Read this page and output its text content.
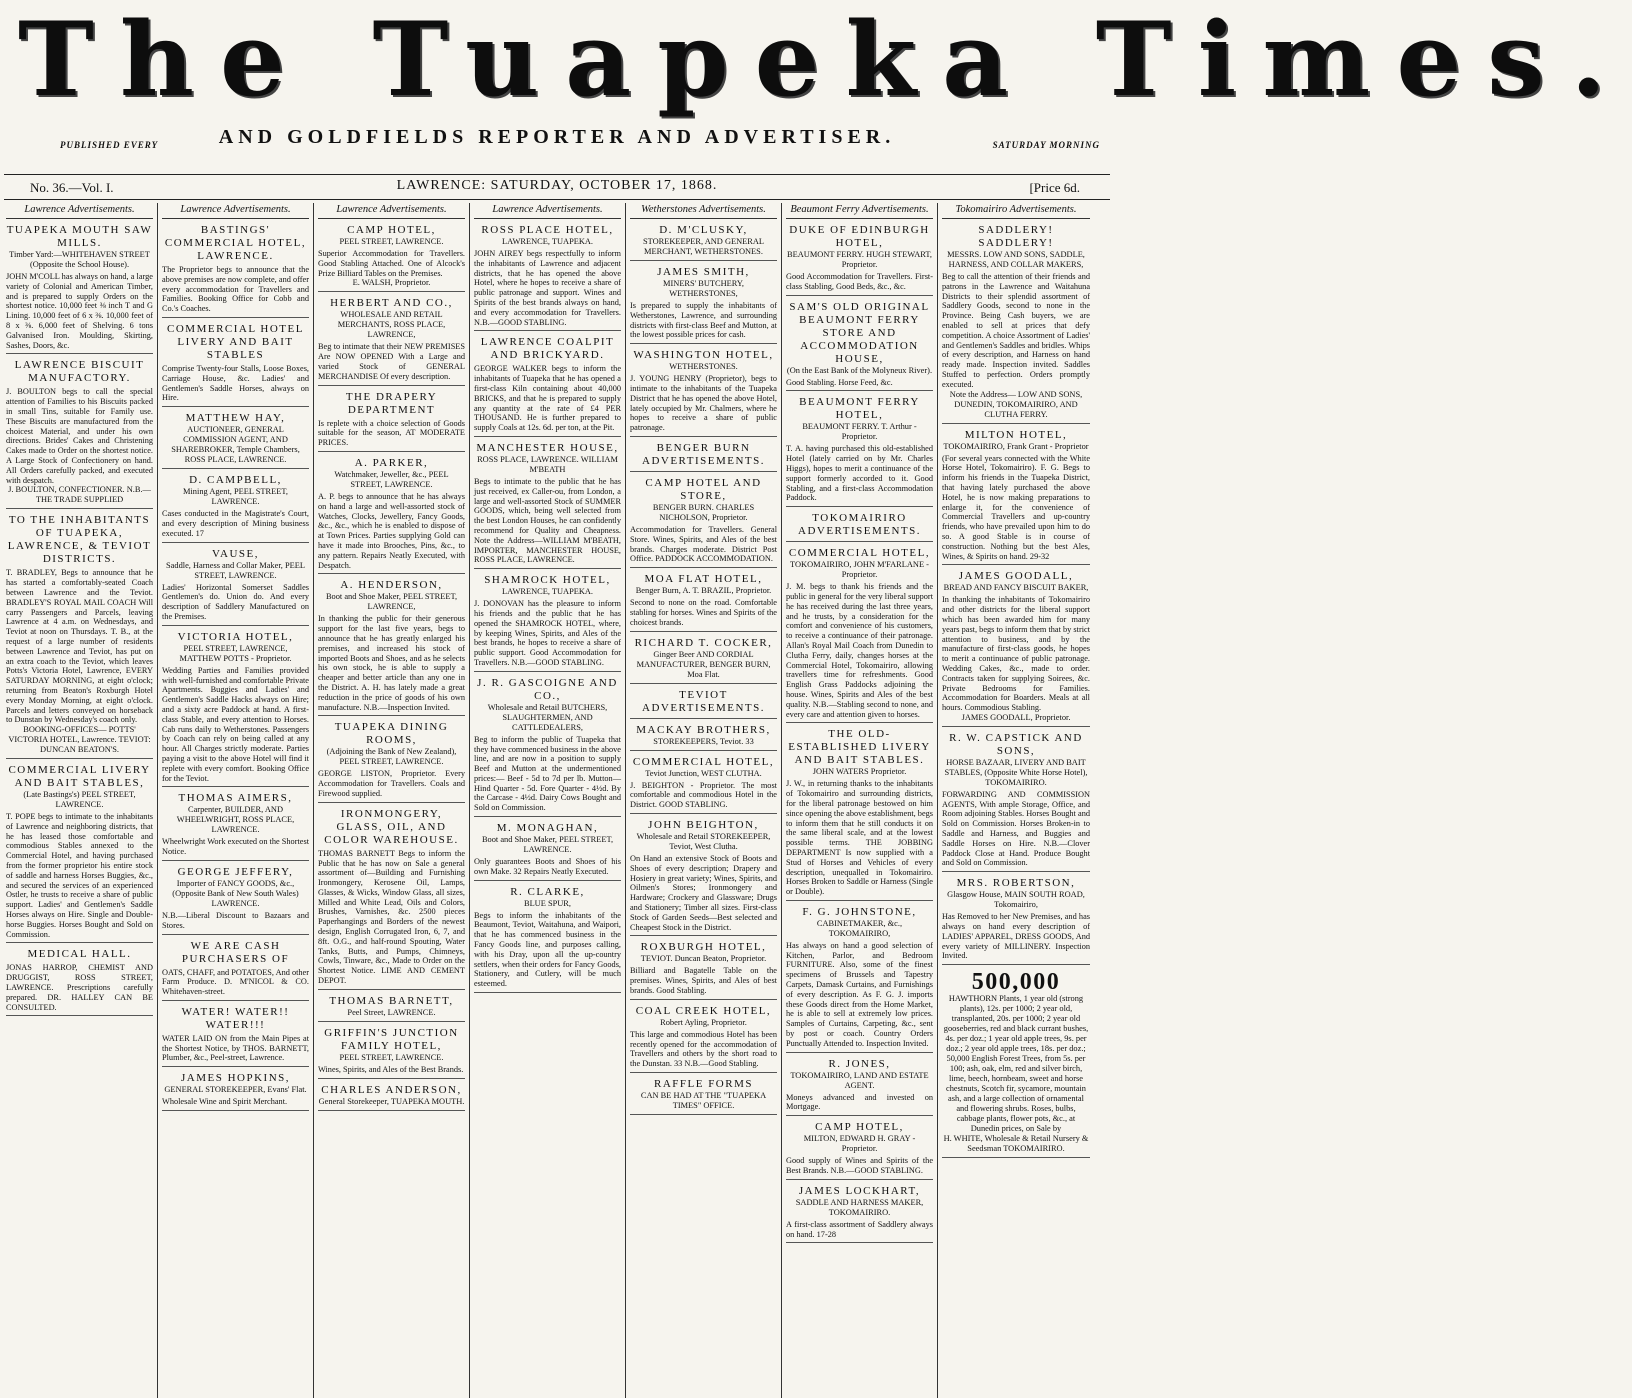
The Tuapeka Times.
PUBLISHED EVERY	AND GOLDFIELDS REPORTER AND ADVERTISER.	SATURDAY MORNING
No. 36.—Vol. I.	LAWRENCE: SATURDAY, OCTOBER 17, 1868.	[Price 6d.
Lawrence Advertisements.
TUAPEKA MOUTH SAW MILLS.
Timber Yard:—WHITEHAVEN STREET (Opposite the School House).
JOHN M'COLL has always on hand, a large variety of Colonial and American Timber, and is prepared to supply Orders on the shortest notice. 10,000 feet ⅜ inch T and G Lining. 10,000 feet of 6 x ⅜. 10,000 feet of 8 x ⅜. 6,000 feet of Shelving. 6 tons Galvanised Iron. Moulding, Skirting, Sashes, Doors, &c.
LAWRENCE BISCUIT MANUFACTORY.
J. BOULTON begs to call the special attention of Families to his Biscuits packed in small Tins, suitable for Family use. These Biscuits are manufactured from the choicest Material, and under his own directions. Brides' Cakes and Christening Cakes made to Order on the shortest notice. A Large Stock of Confectionery on hand. All Orders carefully packed, and executed with despatch.
J. BOULTON, CONFECTIONER. N.B.—THE TRADE SUPPLIED
TO THE INHABITANTS OF TUAPEKA, LAWRENCE, & TEVIOT DISTRICTS.
T. BRADLEY, Begs to announce that he has started a comfortably-seated Coach between Lawrence and the Teviot. BRADLEY'S ROYAL MAIL COACH Will carry Passengers and Parcels, leaving Lawrence at 4 a.m. on Wednesdays, and Teviot at noon on Thursdays. T. B., at the request of a large number of residents between Lawrence and Teviot, has put on an extra coach to the Teviot, which leaves Potts's Victoria Hotel, Lawrence, EVERY SATURDAY MORNING, at eight o'clock; returning from Beaton's Roxburgh Hotel every Monday Morning, at eight o'clock. Parcels and letters conveyed on horseback to Dunstan by Wednesday's coach only.
BOOKING-OFFICES— POTTS' VICTORIA HOTEL, Lawrence. TEVIOT: DUNCAN BEATON'S.
COMMERCIAL LIVERY AND BAIT STABLES,
(Late Bastings's) PEEL STREET, LAWRENCE.
T. POPE begs to intimate to the inhabitants of Lawrence and neighboring districts, that he has leased those comfortable and commodious Stables annexed to the Commercial Hotel, and having purchased from the former proprietor his entire stock of saddle and harness Horses Buggies, &c., and secured the services of an experienced Ostler, he trusts to receive a share of public support. Ladies' and Gentlemen's Saddle Horses always on Hire. Single and Double-horse Buggies. Horses Bought and Sold on Commission.
MEDICAL HALL.
JONAS HARROP, CHEMIST AND DRUGGIST, ROSS STREET, LAWRENCE. Prescriptions carefully prepared. DR. HALLEY CAN BE CONSULTED.
Lawrence Advertisements.
BASTINGS' COMMERCIAL HOTEL, LAWRENCE.
The Proprietor begs to announce that the above premises are now complete, and offer every accommodation for Travellers and Families. Booking Office for Cobb and Co.'s Coaches.
COMMERCIAL HOTEL LIVERY AND BAIT STABLES
Comprise Twenty-four Stalls, Loose Boxes, Carriage House, &c. Ladies' and Gentlemen's Saddle Horses, always on Hire.
MATTHEW HAY,
AUCTIONEER, GENERAL COMMISSION AGENT, AND SHAREBROKER, Temple Chambers, ROSS PLACE, LAWRENCE.
D. CAMPBELL,
Mining Agent, PEEL STREET, LAWRENCE.
Cases conducted in the Magistrate's Court, and every description of Mining business executed. 17
VAUSE,
Saddle, Harness and Collar Maker, PEEL STREET, LAWRENCE.
Ladies' Horizontal Somerset Saddles Gentlemen's do. Union do. And every description of Saddlery Manufactured on the Premises.
VICTORIA HOTEL,
PEEL STREET, LAWRENCE, MATTHEW POTTS - Proprietor.
Wedding Parties and Families provided with well-furnished and comfortable Private Apartments. Buggies and Ladies' and Gentlemen's Saddle Hacks always on Hire; and a sixty acre Paddock at hand. A first-class Stable, and every attention to Horses. Cab runs daily to Wetherstones. Passengers by Coach can rely on being called at any hour. All Charges strictly moderate. Parties paying a visit to the above Hotel will find it replete with every comfort. Booking Office for the Teviot.
THOMAS AIMERS,
Carpenter, BUILDER, AND WHEELWRIGHT, ROSS PLACE, LAWRENCE.
Wheelwright Work executed on the Shortest Notice.
GEORGE JEFFERY,
Importer of FANCY GOODS, &c., (Opposite Bank of New South Wales) LAWRENCE.
N.B.—Liberal Discount to Bazaars and Stores.
WE ARE CASH PURCHASERS OF
OATS, CHAFF, and POTATOES, And other Farm Produce. D. M'NICOL & CO. Whitehaven-street.
WATER! WATER!! WATER!!!
WATER LAID ON from the Main Pipes at the Shortest Notice, by THOS. BARNETT, Plumber, &c., Peel-street, Lawrence.
JAMES HOPKINS,
GENERAL STOREKEEPER, Evans' Flat.
Wholesale Wine and Spirit Merchant.
Lawrence Advertisements.
CAMP HOTEL,
PEEL STREET, LAWRENCE.
Superior Accommodation for Travellers. Good Stabling Attached. One of Alcock's Prize Billiard Tables on the Premises.
E. WALSH, Proprietor.
HERBERT AND CO.,
WHOLESALE AND RETAIL MERCHANTS, ROSS PLACE, LAWRENCE,
Beg to intimate that their NEW PREMISES Are NOW OPENED With a Large and varied Stock of GENERAL MERCHANDISE Of every description.
THE DRAPERY DEPARTMENT
Is replete with a choice selection of Goods suitable for the season, AT MODERATE PRICES.
A. PARKER,
Watchmaker, Jeweller, &c., PEEL STREET, LAWRENCE.
A. P. begs to announce that he has always on hand a large and well-assorted stock of Watches, Clocks, Jewellery, Fancy Goods, &c., &c., which he is enabled to dispose of at Town Prices. Parties supplying Gold can have it made into Brooches, Pins, &c., to any pattern. Repairs Neatly Executed, with Despatch.
A. HENDERSON,
Boot and Shoe Maker, PEEL STREET, LAWRENCE,
In thanking the public for their generous support for the last five years, begs to announce that he has greatly enlarged his premises, and increased his stock of imported Boots and Shoes, and as he selects his own stock, he is able to supply a cheaper and better article than any one in the District. A. H. has lately made a great reduction in the price of goods of his own manufacture. N.B.—Inspection Invited.
TUAPEKA DINING ROOMS,
(Adjoining the Bank of New Zealand), PEEL STREET, LAWRENCE.
GEORGE LISTON, Proprietor. Every Accommodation for Travellers. Coals and Firewood supplied.
IRONMONGERY, GLASS, OIL, AND COLOR WAREHOUSE.
THOMAS BARNETT Begs to inform the Public that he has now on Sale a general assortment of—Building and Furnishing Ironmongery, Kerosene Oil, Lamps, Glasses, & Wicks, Window Glass, all sizes, Milled and White Lead, Oils and Colors, Brushes, Varnishes, &c. 2500 pieces Paperhangings and Borders of the newest design, English Corrugated Iron, 6, 7, and 8ft. O.G., and half-round Spouting, Water Tanks, Butts, and Pumps, Chimneys, Cowls, Tinware, &c., Made to Order on the Shortest Notice. LIME AND CEMENT DEPOT.
THOMAS BARNETT,
Peel Street, LAWRENCE.
GRIFFIN'S JUNCTION FAMILY HOTEL,
PEEL STREET, LAWRENCE.
Wines, Spirits, and Ales of the Best Brands.
CHARLES ANDERSON,
General Storekeeper, TUAPEKA MOUTH.
Lawrence Advertisements.
ROSS PLACE HOTEL,
LAWRENCE, TUAPEKA.
JOHN AIREY begs respectfully to inform the inhabitants of Lawrence and adjacent districts, that he has opened the above Hotel, where he hopes to receive a share of public patronage and support. Wines and Spirits of the best brands always on hand, and every accommodation for Travellers. N.B.—GOOD STABLING.
LAWRENCE COALPIT AND BRICKYARD.
GEORGE WALKER begs to inform the inhabitants of Tuapeka that he has opened a first-class Kiln containing about 40,000 BRICKS, and that he is prepared to supply any quantity at the rate of £4 PER THOUSAND. He is further prepared to supply Coals at 12s. 6d. per ton, at the Pit.
MANCHESTER HOUSE,
ROSS PLACE, LAWRENCE. WILLIAM M'BEATH
Begs to intimate to the public that he has just received, ex Caller-ou, from London, a large and well-assorted Stock of SUMMER GOODS, which, being well selected from the best London Houses, he can confidently recommend for Quality and Cheapness. Note the Address—WILLIAM M'BEATH, IMPORTER, MANCHESTER HOUSE, ROSS PLACE, LAWRENCE.
SHAMROCK HOTEL,
LAWRENCE, TUAPEKA.
J. DONOVAN has the pleasure to inform his friends and the public that he has opened the SHAMROCK HOTEL, where, by keeping Wines, Spirits, and Ales of the best brands, he hopes to receive a share of public support. Good Accommodation for Travellers. N.B.—GOOD STABLING.
J. R. GASCOIGNE AND CO.,
Wholesale and Retail BUTCHERS, SLAUGHTERMEN, AND CATTLEDEALERS,
Beg to inform the public of Tuapeka that they have commenced business in the above line, and are now in a position to supply Beef and Mutton at the undermentioned prices:— Beef - 5d to 7d per lb. Mutton—Hind Quarter - 5d. Fore Quarter - 4½d. By the Carcase - 4½d. Dairy Cows Bought and Sold on Commission.
M. MONAGHAN,
Boot and Shoe Maker, PEEL STREET, LAWRENCE.
Only guarantees Boots and Shoes of his own Make. 32 Repairs Neatly Executed.
R. CLARKE,
BLUE SPUR,
Begs to inform the inhabitants of the Beaumont, Teviot, Waitahuna, and Waipori, that he has commenced business in the Fancy Goods line, and purposes calling, with his Dray, upon all the up-country settlers, when their orders for Fancy Goods, Stationery, and Cutlery, will be much esteemed.
Wetherstones Advertisements.
D. M'CLUSKY,
STOREKEEPER, AND GENERAL MERCHANT, WETHERSTONES.
JAMES SMITH,
MINERS' BUTCHERY, WETHERSTONES,
Is prepared to supply the inhabitants of Wetherstones, Lawrence, and surrounding districts with first-class Beef and Mutton, at the lowest possible prices for cash.
WASHINGTON HOTEL,
WETHERSTONES.
J. YOUNG HENRY (Proprietor), begs to intimate to the inhabitants of the Tuapeka District that he has opened the above Hotel, lately occupied by Mr. Chalmers, where he hopes to receive a share of public patronage.
BENGER BURN ADVERTISEMENTS.
CAMP HOTEL AND STORE,
BENGER BURN. CHARLES NICHOLSON, Proprietor.
Accommodation for Travellers. General Store. Wines, Spirits, and Ales of the best brands. Charges moderate. District Post Office. PADDOCK ACCOMMODATION.
MOA FLAT HOTEL,
Benger Burn, A. T. BRAZIL, Proprietor.
Second to none on the road. Comfortable stabling for horses. Wines and Spirits of the choicest brands.
RICHARD T. COCKER,
Ginger Beer AND CORDIAL MANUFACTURER, BENGER BURN, Moa Flat.
TEVIOT ADVERTISEMENTS.
MACKAY BROTHERS,
STOREKEEPERS, Teviot. 33
COMMERCIAL HOTEL,
Teviot Junction, WEST CLUTHA.
J. BEIGHTON - Proprietor. The most comfortable and commodious Hotel in the District. GOOD STABLING.
JOHN BEIGHTON,
Wholesale and Retail STOREKEEPER, Teviot, West Clutha.
On Hand an extensive Stock of Boots and Shoes of every description; Drapery and Hosiery in great variety; Wines, Spirits, and Oilmen's Stores; Ironmongery and Hardware; Crockery and Glassware; Drugs and Stationery; Timber all sizes. First-class Stock of Garden Seeds—Best selected and Cheapest Stock in the District.
ROXBURGH HOTEL,
TEVIOT. Duncan Beaton, Proprietor.
Billiard and Bagatelle Table on the premises. Wines, Spirits, and Ales of best brands. Good Stabling.
COAL CREEK HOTEL,
Robert Ayling, Proprietor.
This large and commodious Hotel has been recently opened for the accommodation of Travellers and others by the short road to the Dunstan. 33 N.B.—Good Stabling.
RAFFLE FORMS
CAN BE HAD AT THE "TUAPEKA TIMES" OFFICE.
Beaumont Ferry Advertisements.
DUKE OF EDINBURGH HOTEL,
BEAUMONT FERRY. HUGH STEWART, Proprietor.
Good Accommodation for Travellers. First-class Stabling, Good Beds, &c., &c.
SAM'S OLD ORIGINAL BEAUMONT FERRY STORE AND ACCOMMODATION HOUSE,
(On the East Bank of the Molyneux River).
Good Stabling. Horse Feed, &c.
BEAUMONT FERRY HOTEL,
BEAUMONT FERRY. T. Arthur - Proprietor.
T. A. having purchased this old-established Hotel (lately carried on by Mr. Charles Higgs), hopes to merit a continuance of the support formerly accorded to it. Good Stabling, and a first-class Accommodation Paddock.
TOKOMAIRIRO ADVERTISEMENTS.
COMMERCIAL HOTEL,
TOKOMAIRIRO, JOHN M'FARLANE - Proprietor.
J. M. begs to thank his friends and the public in general for the very liberal support he has received during the last three years, and he trusts, by a consideration for the comfort and convenience of his customers, to receive a continuance of their patronage. Allan's Royal Mail Coach from Dunedin to Clutha Ferry, daily, changes horses at the Commercial Hotel, Tokomairiro, allowing travellers time for refreshments. Good English Grass Paddocks adjoining the house. Wines, Spirits and Ales of the best quality. N.B.—Stabling second to none, and every care and attention given to horses.
THE OLD-ESTABLISHED LIVERY AND BAIT STABLES.
JOHN WATERS Proprietor.
J. W., in returning thanks to the inhabitants of Tokomairiro and surrounding districts, for the liberal patronage bestowed on him since opening the above establishment, begs to inform them that he still conducts it on the same liberal scale, and at the lowest possible terms. THE JOBBING DEPARTMENT Is now supplied with a Stud of Horses and Vehicles of every description, unequalled in Tokomairiro. Horses Broken to Saddle or Harness (Single or Double).
F. G. JOHNSTONE,
CABINETMAKER, &c., TOKOMAIRIRO,
Has always on hand a good selection of Kitchen, Parlor, and Bedroom FURNITURE. Also, some of the finest specimens of Brussels and Tapestry Carpets, Damask Curtains, and Furnishings of every description. As F. G. J. imports these Goods direct from the Home Market, he is able to sell at extremely low prices. Samples of Curtains, Carpeting, &c., sent by post or coach. Country Orders Punctually Attended to. Inspection Invited.
R. JONES,
TOKOMAIRIRO, LAND AND ESTATE AGENT.
Moneys advanced and invested on Mortgage.
CAMP HOTEL,
MILTON, EDWARD H. GRAY - Proprietor.
Good supply of Wines and Spirits of the Best Brands. N.B.—GOOD STABLING.
JAMES LOCKHART,
SADDLE AND HARNESS MAKER, TOKOMAIRIRO.
A first-class assortment of Saddlery always on hand. 17-28
Tokomairiro Advertisements.
SADDLERY! SADDLERY!
MESSRS. LOW AND SONS, SADDLE, HARNESS, AND COLLAR MAKERS,
Beg to call the attention of their friends and patrons in the Lawrence and Waitahuna Districts to their splendid assortment of Saddlery Goods, second to none in the Province. Being Cash buyers, we are enabled to sell at prices that defy competition. A choice Assortment of Ladies' and Gentlemen's Saddles and bridles. Whips of every description, and Harness on hand ready made. Inspection invited. Saddles Stuffed to perfection. Orders promptly executed.
Note the Address— LOW AND SONS, DUNEDIN, TOKOMAIRIRO, AND CLUTHA FERRY.
MILTON HOTEL,
TOKOMAIRIRO, Frank Grant - Proprietor
(For several years connected with the White Horse Hotel, Tokomairiro). F. G. Begs to inform his friends in the Tuapeka District, that having lately purchased the above Hotel, he is now making preparations to enlarge it, for the convenience of Commercial Travellers and up-country friends, who have prevailed upon him to do so. A good Stable is in course of construction. Nothing but the best Ales, Wines, & Spirits on hand. 29-32
JAMES GOODALL,
BREAD AND FANCY BISCUIT BAKER,
In thanking the inhabitants of Tokomairiro and other districts for the liberal support which has been awarded him for many years past, begs to inform them that by strict attention to business, and by the manufacture of first-class goods, he hopes to merit a continuance of public patronage. Wedding Cakes, &c., made to order. Contracts taken for supplying Soirees, &c. Private Bedrooms for Families. Accommodation for Boarders. Meals at all hours. Commodious Stabling.
JAMES GOODALL, Proprietor.
R. W. CAPSTICK AND SONS,
HORSE BAZAAR, LIVERY AND BAIT STABLES, (Opposite White Horse Hotel), TOKOMAIRIRO.
FORWARDING AND COMMISSION AGENTS, With ample Storage, Office, and Room adjoining Stables. Horses Bought and Sold on Commission. Horses Broken-in to Saddle and Harness, and Buggies and Saddle Horses on Hire. N.B.—Clover Paddock Close at Hand. Produce Bought and Sold on Commission.
MRS. ROBERTSON,
Glasgow House, MAIN SOUTH ROAD, Tokomairiro,
Has Removed to her New Premises, and has always on hand every description of LADIES' APPAREL, DRESS GOODS, And every variety of MILLINERY. Inspection Invited.
500,000
HAWTHORN Plants, 1 year old (strong plants), 12s. per 1000; 2 year old, transplanted, 20s. per 1000; 2 year old gooseberries, red and black currant bushes, 4s. per doz.; 1 year old apple trees, 9s. per doz.; 2 year old apple trees, 18s. per doz.; 50,000 English Forest Trees, from 5s. per 100; ash, oak, elm, red and silver birch, lime, beech, hornbeam, sweet and horse chestnuts, Scotch fir, sycamore, mountain ash, and a large collection of ornamental and flowering shrubs. Roses, bulbs, cabbage plants, flower pots, &c., at Dunedin prices, on Sale by
H. WHITE, Wholesale & Retail Nursery & Seedsman TOKOMAIRIRO.
